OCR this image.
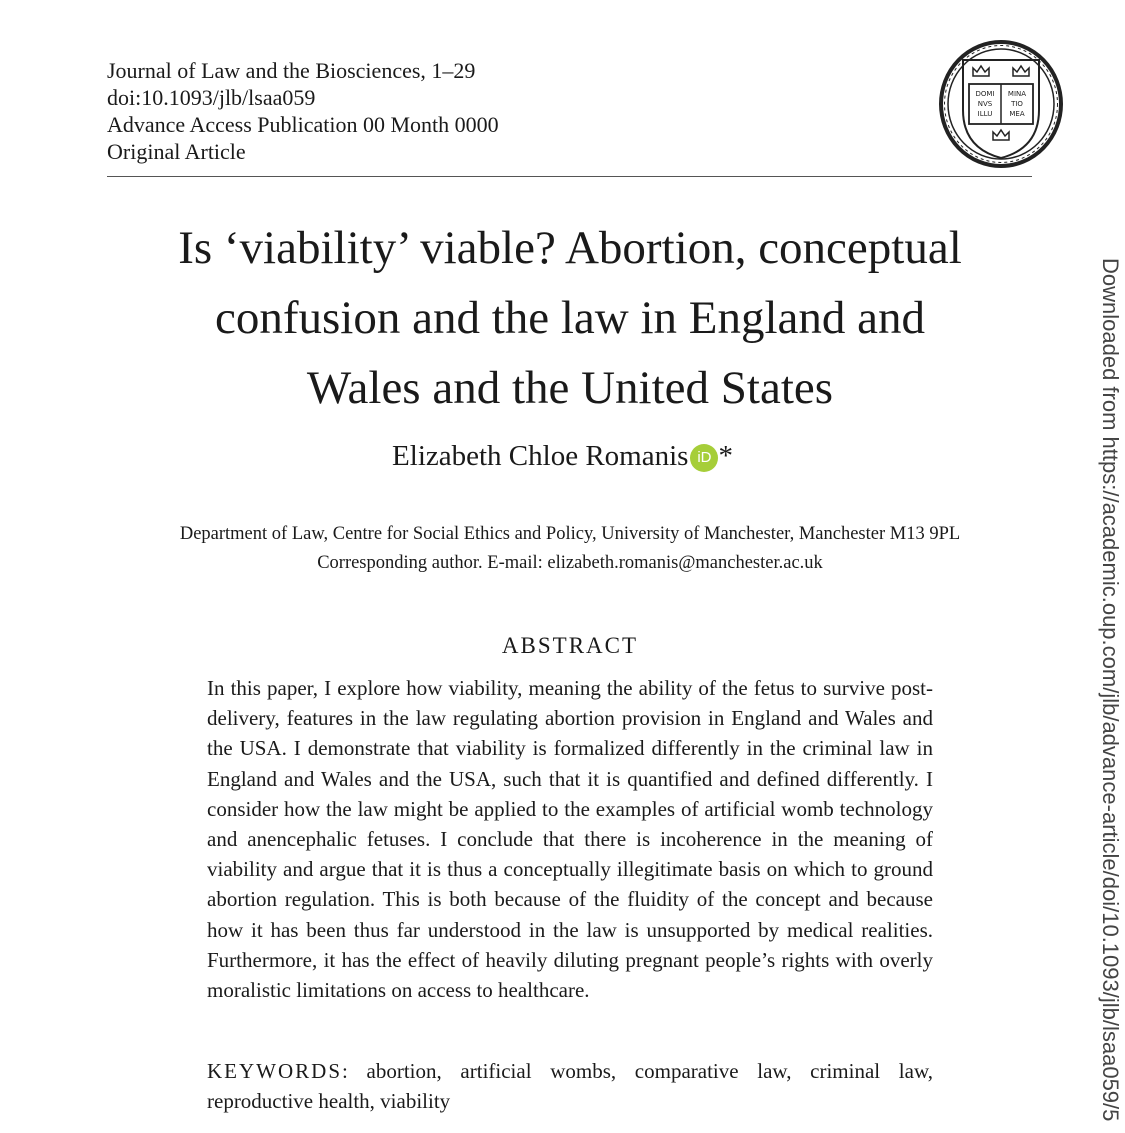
Journal of Law and the Biosciences, 1–29
doi:10.1093/jlb/lsaa059
Advance Access Publication 00 Month 0000
Original Article
DOMI
NVS
ILLU
MINA
TIO
MEA
Is ‘viability’ viable? Abortion, conceptual
confusion and the law in England and
Wales and the United States
Elizabeth Chloe Romanis iD *
Department of Law, Centre for Social Ethics and Policy, University of Manchester, Manchester M13 9PL
Corresponding author. E-mail: elizabeth.romanis@manchester.ac.uk
ABSTRACT

In this paper, I explore how viability, meaning the ability of the fetus to survive post-delivery, features in the law regulating abortion provision in England and Wales and the USA. I demonstrate that viability is formalized differently in the criminal law in England and Wales and the USA, such that it is quantified and defined differently. I consider how the law might be applied to the examples of artificial womb technology and anencephalic fetuses. I conclude that there is incoherence in the meaning of viability and argue that it is thus a conceptually illegitimate basis on which to ground abortion regulation. This is both because of the fluidity of the concept and because how it has been thus far understood in the law is unsupported by medical realities. Furthermore, it has the effect of heavily diluting pregnant people’s rights with overly moralistic limitations on access to healthcare.

KEYWORDS: abortion, artificial wombs, comparative law, criminal law, reproductive health, viability	Downloaded from https://academic.oup.com/jlb/advance-article/doi/10.1093/jlb/lsaa059/5
